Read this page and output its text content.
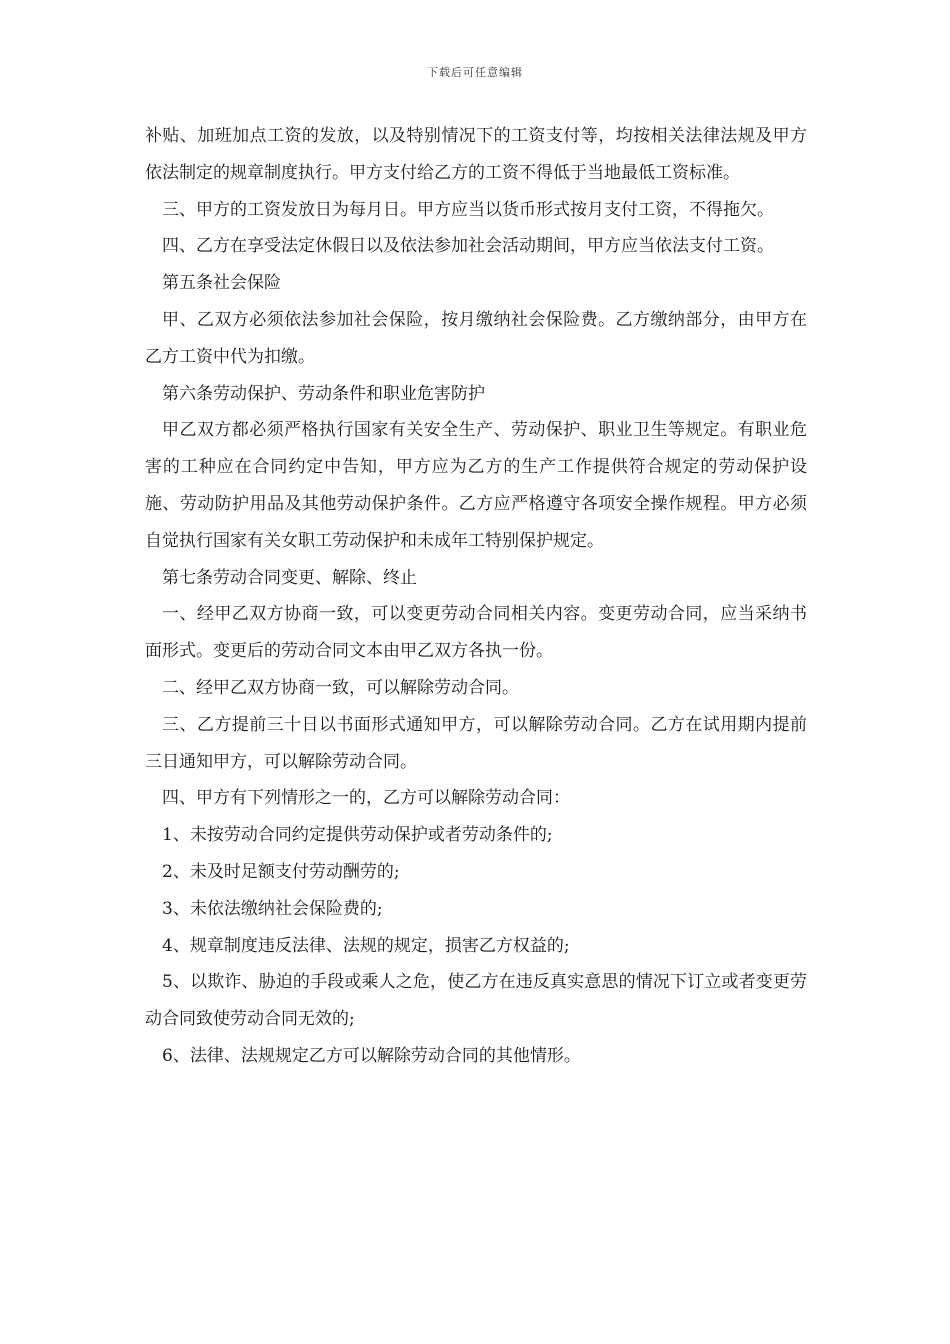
下载后可任意编辑

补贴、加班加点工资的发放，以及特别情况下的工资支付等，均按相关法律法规及甲方依法制定的规章制度执行。甲方支付给乙方的工资不得低于当地最低工资标准。

三、甲方的工资发放日为每月日。甲方应当以货币形式按月支付工资，不得拖欠。

四、乙方在享受法定休假日以及依法参加社会活动期间，甲方应当依法支付工资。

第五条社会保险

甲、乙双方必须依法参加社会保险，按月缴纳社会保险费。乙方缴纳部分，由甲方在乙方工资中代为扣缴。

第六条劳动保护、劳动条件和职业危害防护

甲乙双方都必须严格执行国家有关安全生产、劳动保护、职业卫生等规定。有职业危害的工种应在合同约定中告知，甲方应为乙方的生产工作提供符合规定的劳动保护设施、劳动防护用品及其他劳动保护条件。乙方应严格遵守各项安全操作规程。甲方必须自觉执行国家有关女职工劳动保护和未成年工特别保护规定。

第七条劳动合同变更、解除、终止

一、经甲乙双方协商一致，可以变更劳动合同相关内容。变更劳动合同，应当采纳书面形式。变更后的劳动合同文本由甲乙双方各执一份。

二、经甲乙双方协商一致，可以解除劳动合同。

三、乙方提前三十日以书面形式通知甲方，可以解除劳动合同。乙方在试用期内提前三日通知甲方，可以解除劳动合同。

四、甲方有下列情形之一的，乙方可以解除劳动合同：

1、未按劳动合同约定提供劳动保护或者劳动条件的;

2、未及时足额支付劳动酬劳的;

3、未依法缴纳社会保险费的;

4、规章制度违反法律、法规的规定，损害乙方权益的;

5、以欺诈、胁迫的手段或乘人之危，使乙方在违反真实意思的情况下订立或者变更劳动合同致使劳动合同无效的;

6、法律、法规规定乙方可以解除劳动合同的其他情形。
